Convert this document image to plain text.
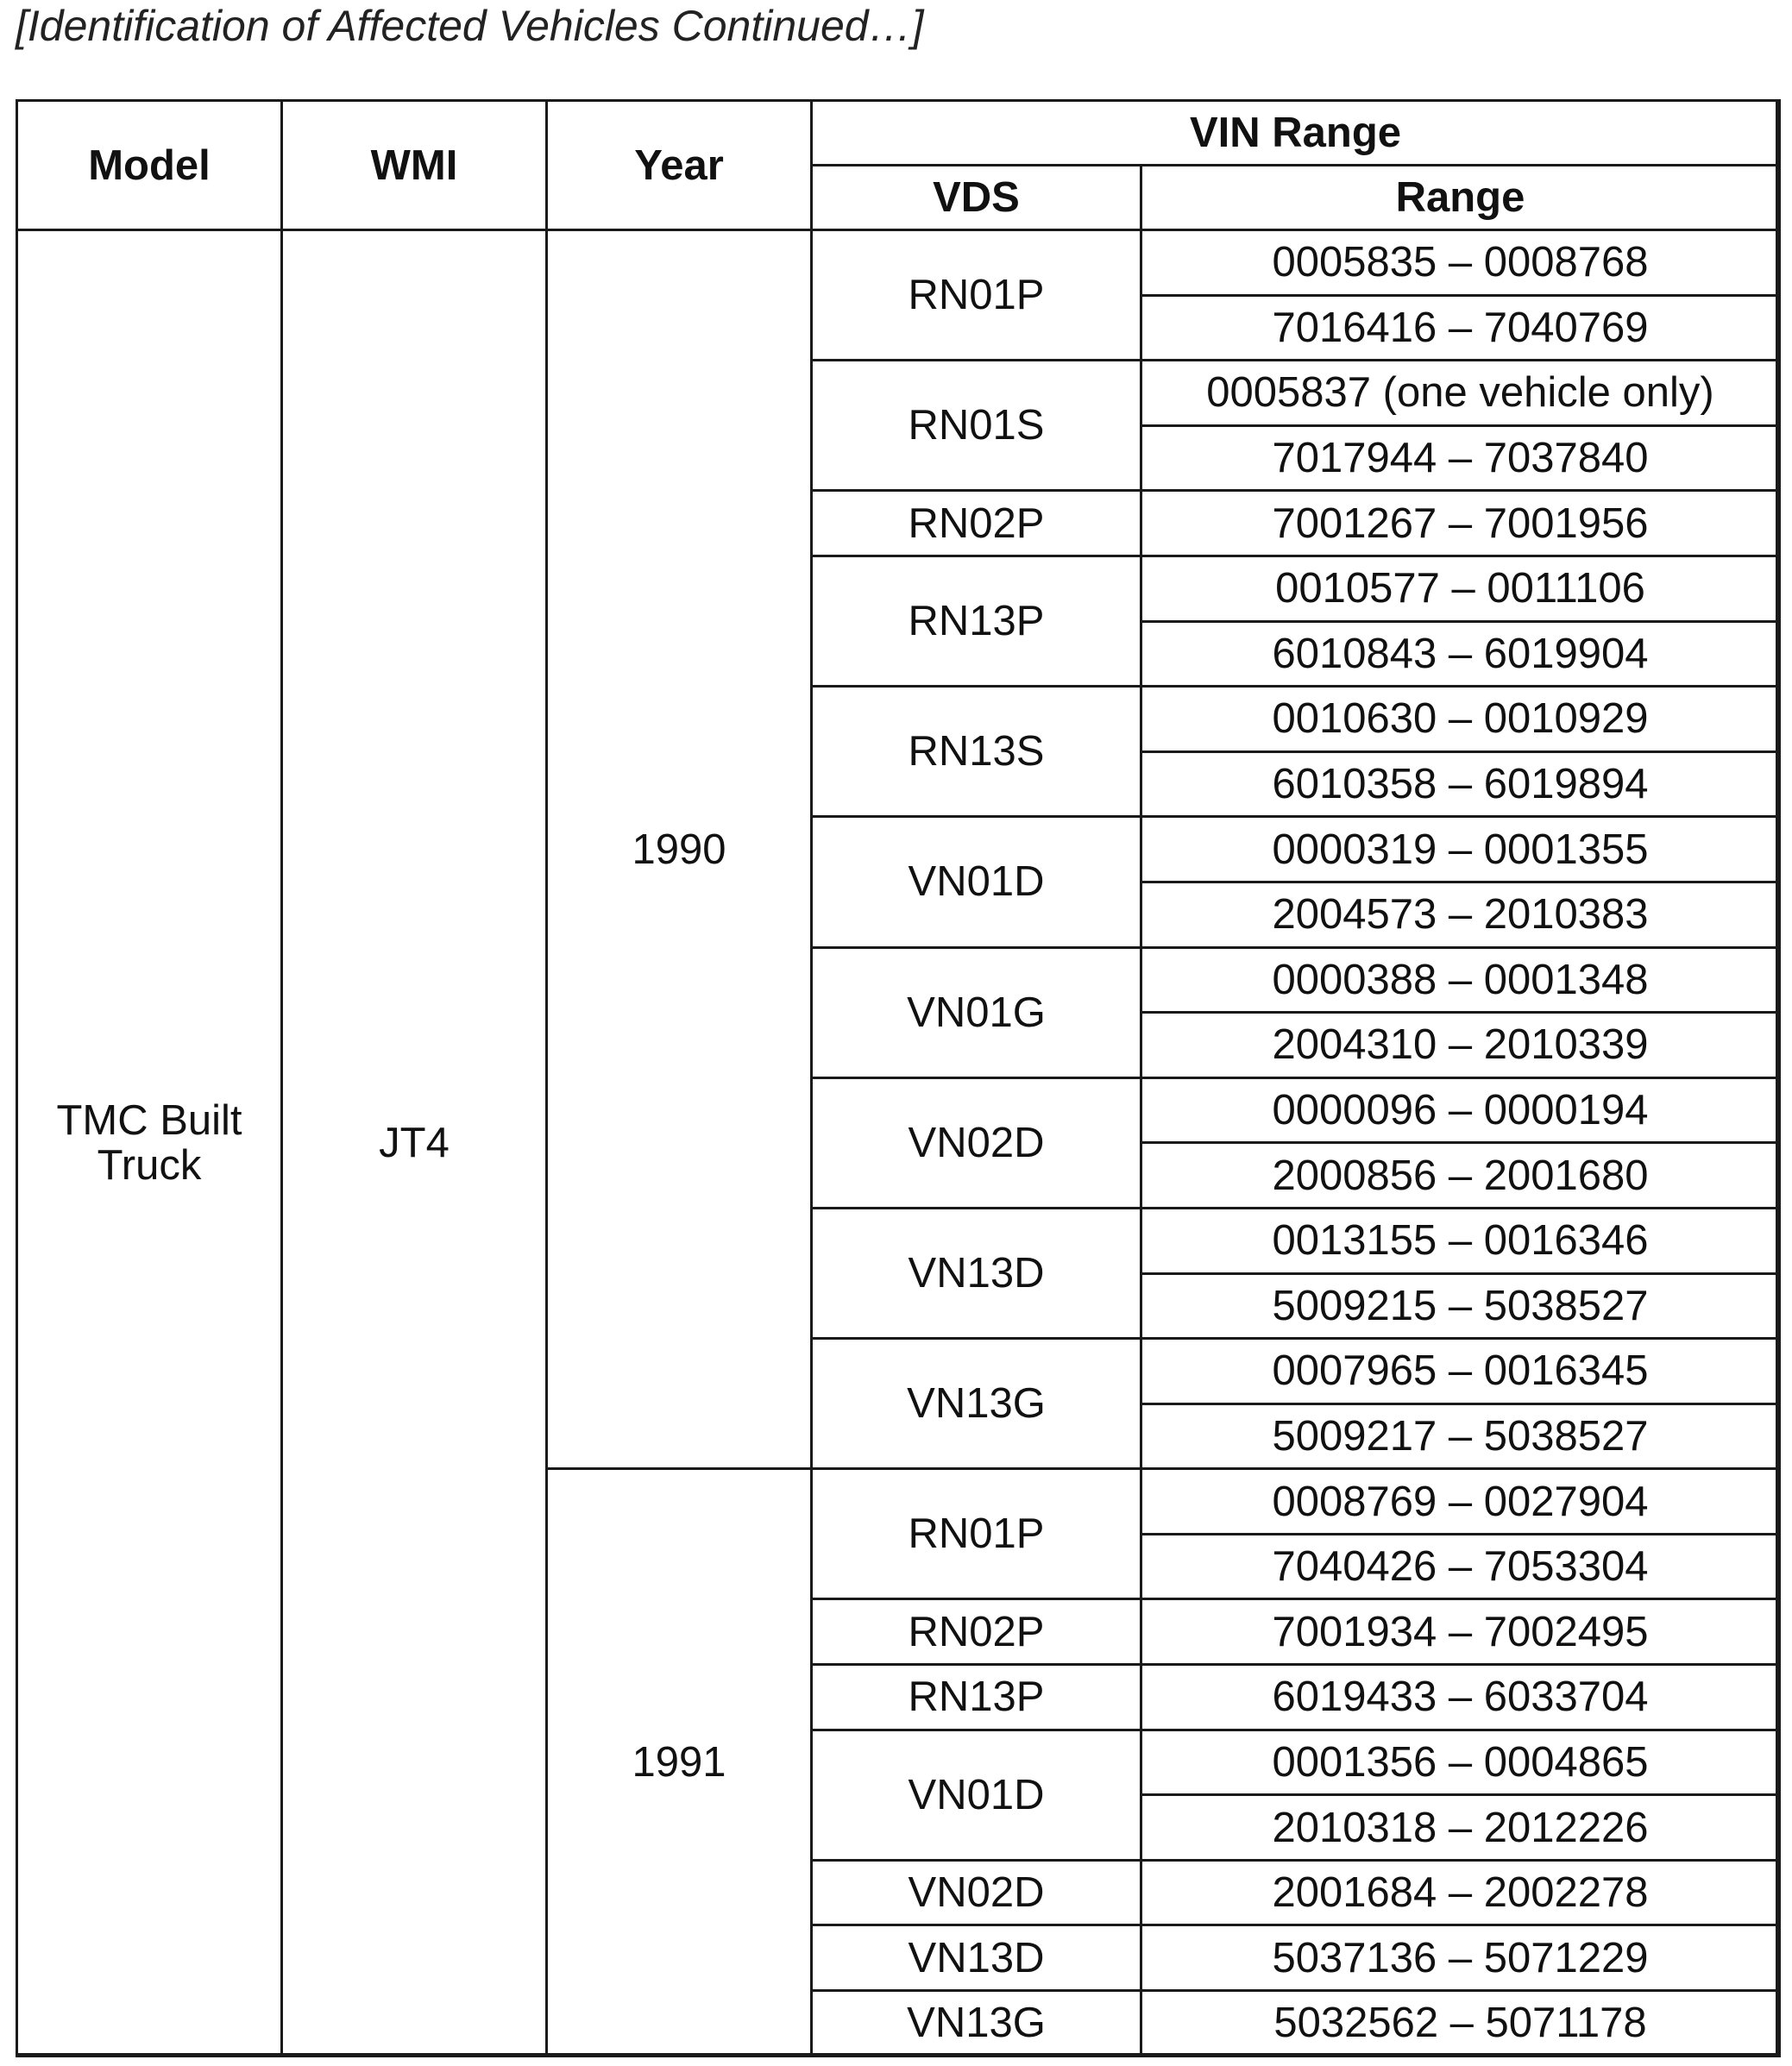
[Identification of Affected Vehicles Continued…]
Model	WMI	Year	VIN Range	
			VDS	Range
TMC Built
Truck	JT4	1990	RN01P	0005835 – 0008768
				7016416 – 7040769
			RN01S	0005837 (one vehicle only)
				7017944 – 7037840
			RN02P	7001267 – 7001956
			RN13P	0010577 – 0011106
				6010843 – 6019904
			RN13S	0010630 – 0010929
				6010358 – 6019894
			VN01D	0000319 – 0001355
				2004573 – 2010383
			VN01G	0000388 – 0001348
				2004310 – 2010339
			VN02D	0000096 – 0000194
				2000856 – 2001680
			VN13D	0013155 – 0016346
				5009215 – 5038527
			VN13G	0007965 – 0016345
				5009217 – 5038527
		1991	RN01P	0008769 – 0027904
				7040426 – 7053304
			RN02P	7001934 – 7002495
			RN13P	6019433 – 6033704
			VN01D	0001356 – 0004865
				2010318 – 2012226
			VN02D	2001684 – 2002278
			VN13D	5037136 – 5071229
			VN13G	5032562 – 5071178
